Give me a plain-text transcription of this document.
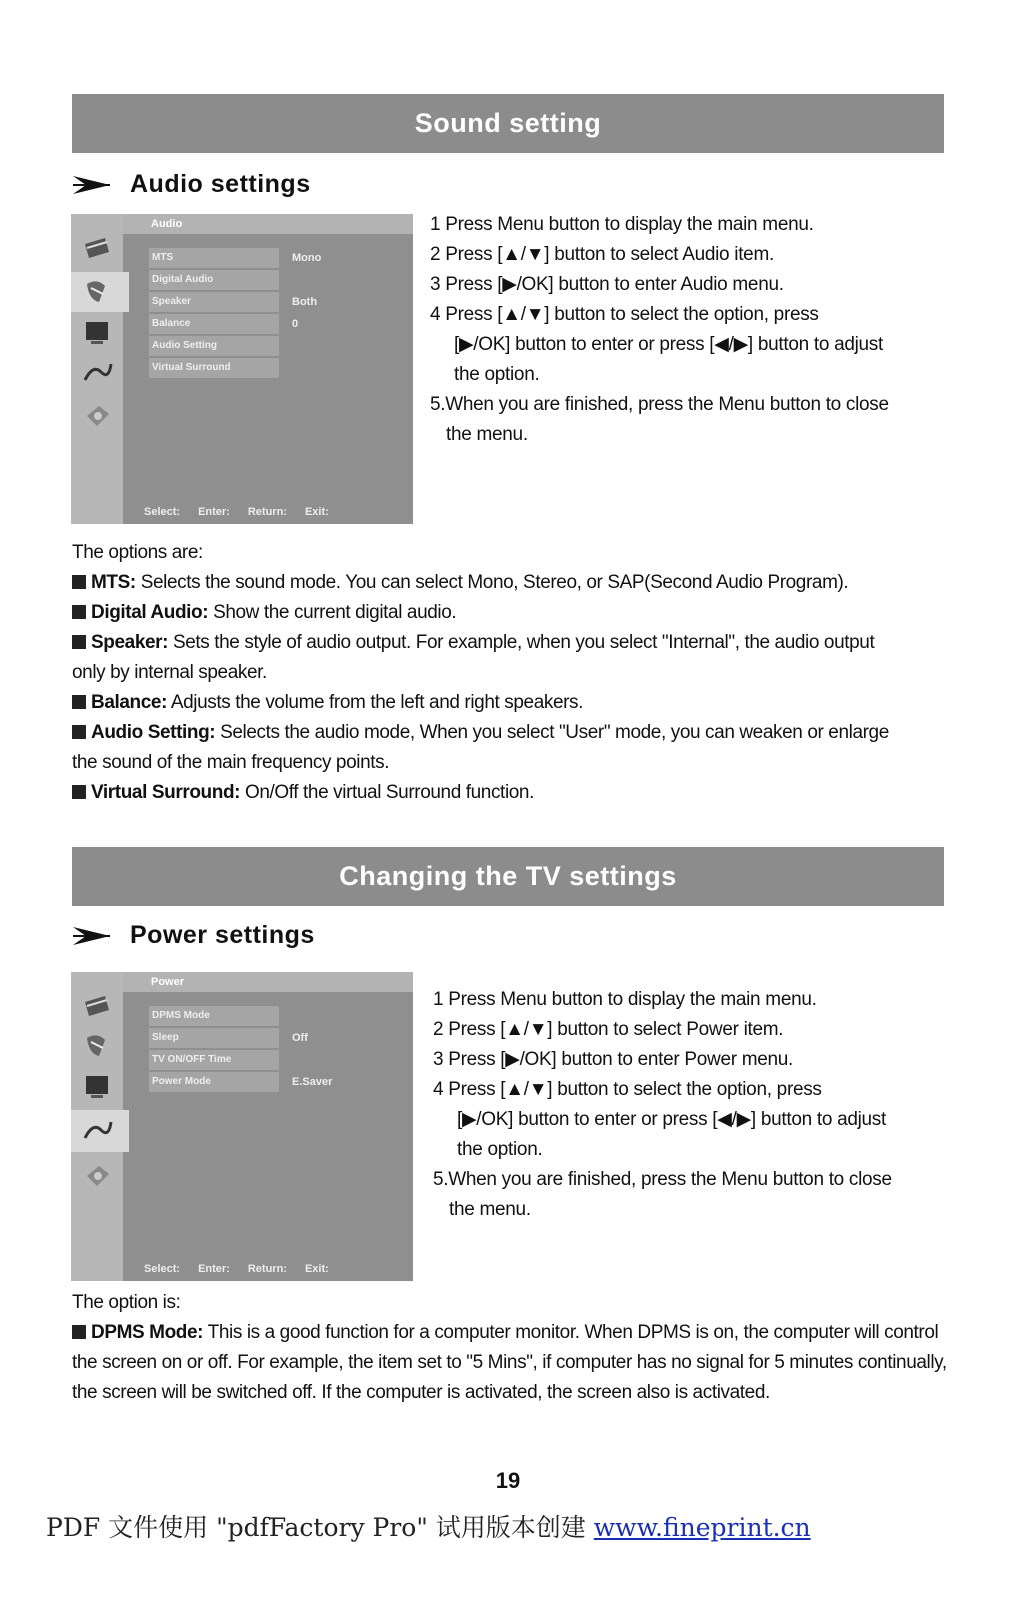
Sound setting
Audio settings
Audio
MTS	Mono
Digital Audio
Speaker	Both
Balance	0
Audio Setting
Virtual Surround
Select: Enter: Return: Exit:
1 Press Menu button to display the main menu.
2 Press [▲/▼] button to select Audio item.
3 Press [▶/OK] button to enter Audio menu.
4 Press [▲/▼] button to select the option, press
[▶/OK] button to enter or press [◀/▶] button to adjust
the option.
5.When you are finished, press the Menu button to close
the menu.
The options are:
MTS: Selects the sound mode. You can select Mono, Stereo, or SAP(Second Audio Program).
Digital Audio: Show the current digital audio.
Speaker: Sets the style of audio output. For example, when you select "Internal", the audio output only by internal speaker.
Balance: Adjusts the volume from the left and right speakers.
Audio Setting: Selects the audio mode, When you select "User" mode, you can weaken or enlarge the sound of the main frequency points.
Virtual Surround: On/Off the virtual Surround function.
Changing the TV settings
Power settings
Power
DPMS Mode
Sleep	Off
TV ON/OFF Time
Power Mode	E.Saver
Select: Enter: Return: Exit:
1 Press Menu button to display the main menu.
2 Press [▲/▼] button to select Power item.
3 Press [▶/OK] button to enter Power menu.
4 Press [▲/▼] button to select the option, press
[▶/OK] button to enter or press [◀/▶] button to adjust
the option.
5.When you are finished, press the Menu button to close
the menu.
The option is:
DPMS Mode: This is a good function for a computer monitor. When DPMS is on, the computer will control the screen on or off. For example, the item set to "5 Mins", if computer has no signal for 5 minutes continually, the screen will be switched off. If the computer is activated, the screen also is activated.
19
PDF 文件使用 "pdfFactory Pro" 试用版本创建 www.fineprint.cn
